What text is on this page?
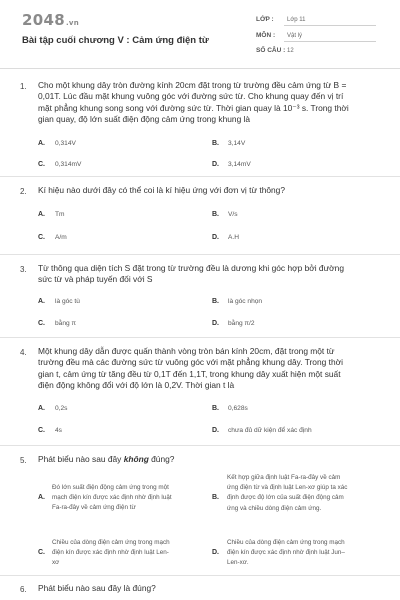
2048.vn
Bài tập cuối chương V : Cảm ứng điện từ
LỚP : Lớp 11
MÔN : Vật lý
SỐ CÂU : 12
1. Cho một khung dây tròn đường kính 20cm đặt trong từ trường đều cảm ứng từ B =
0,01T. Lúc đầu mặt khung vuông góc với đường sức từ. Cho khung quay đến vị trí
mặt phẳng khung song song với đường sức từ. Thời gian quay là 10⁻³ s. Trong thời
gian quay, độ lớn suất điện động cảm ứng trong khung là
A. 0,314V	B. 3,14V
C. 0,314mV	D. 3,14mV
2. Kí hiệu nào dưới đây có thể coi là kí hiệu ứng với đơn vị từ thông?
A. Tm	B. V/s
C. A/m	D. A.H
3. Từ thông qua diện tích S đặt trong từ trường đều là dương khi góc hợp bởi đường
sức từ và pháp tuyến đối với S
A. là góc tù	B. là góc nhọn
C. bằng π	D. bằng π/2
4. Một khung dây dẫn được quấn thành vòng tròn bán kính 20cm, đặt trong một từ
trường đều mà các đường sức từ vuông góc với mặt phẳng khung dây. Trong thời
gian t, cảm ứng từ tăng đều từ 0,1T đến 1,1T, trong khung dây xuất hiện một suất
điện động không đổi với độ lớn là 0,2V. Thời gian t là
A. 0,2s	B. 0,628s
C. 4s	D. chưa đủ dữ kiện để xác định
5. Phát biểu nào sau đây không đúng?
A.
Đó lớn suất điện động cảm ứng trong một
mạch điện kín được xác định nhờ định luật
Fa-ra-đây về cảm ứng điện từ
B.
Kết hợp giữa định luật Fa-ra-đây về cảm
ứng điện từ và định luật Len-xơ giúp ta xác
định được độ lớn của suất điện động cảm
ứng và chiều dòng điện cảm ứng.
C.
Chiều của dòng điện cảm ứng trong mạch
điện kín được xác định nhờ định luật Len-
xơ
D.
Chiều của dòng điện cảm ứng trong mạch
điện kín được xác định nhờ định luật Jun–
Len-xơ.
6. Phát biểu nào sau đây là đúng?
